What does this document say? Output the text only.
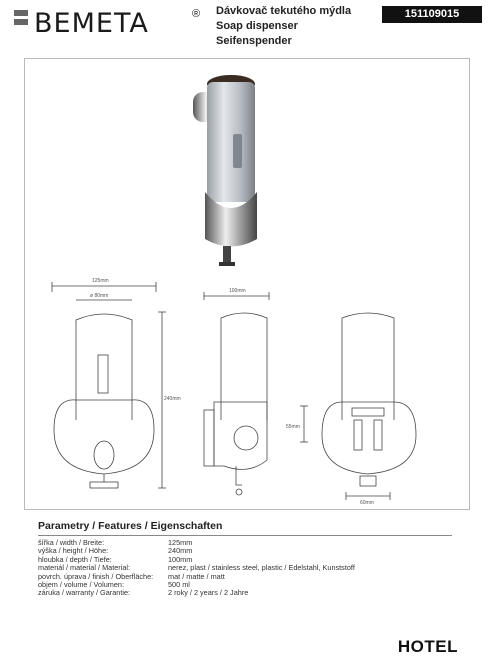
BEMETA	® Dávkovač tekutého mýdla
Soap dispenser
Seifenspender
151109015
125mm
ø 80mm
100mm
240mm
55mm
60mm
Parametry / Features / Eigenschaften
šířka / width / Breite:	125mm
výška / height / Höhe:	240mm
hloubka / depth / Tiefe:	100mm
materiál / material / Material:	nerez, plast / stainless steel, plastic / Edelstahl, Kunststoff
povrch. úprava / finish / Oberfläche:	mat / matte / matt
objem / volume / Volumen:	500 ml
záruka / warranty / Garantie:	2 roky / 2 years / 2 Jahre
HOTEL
